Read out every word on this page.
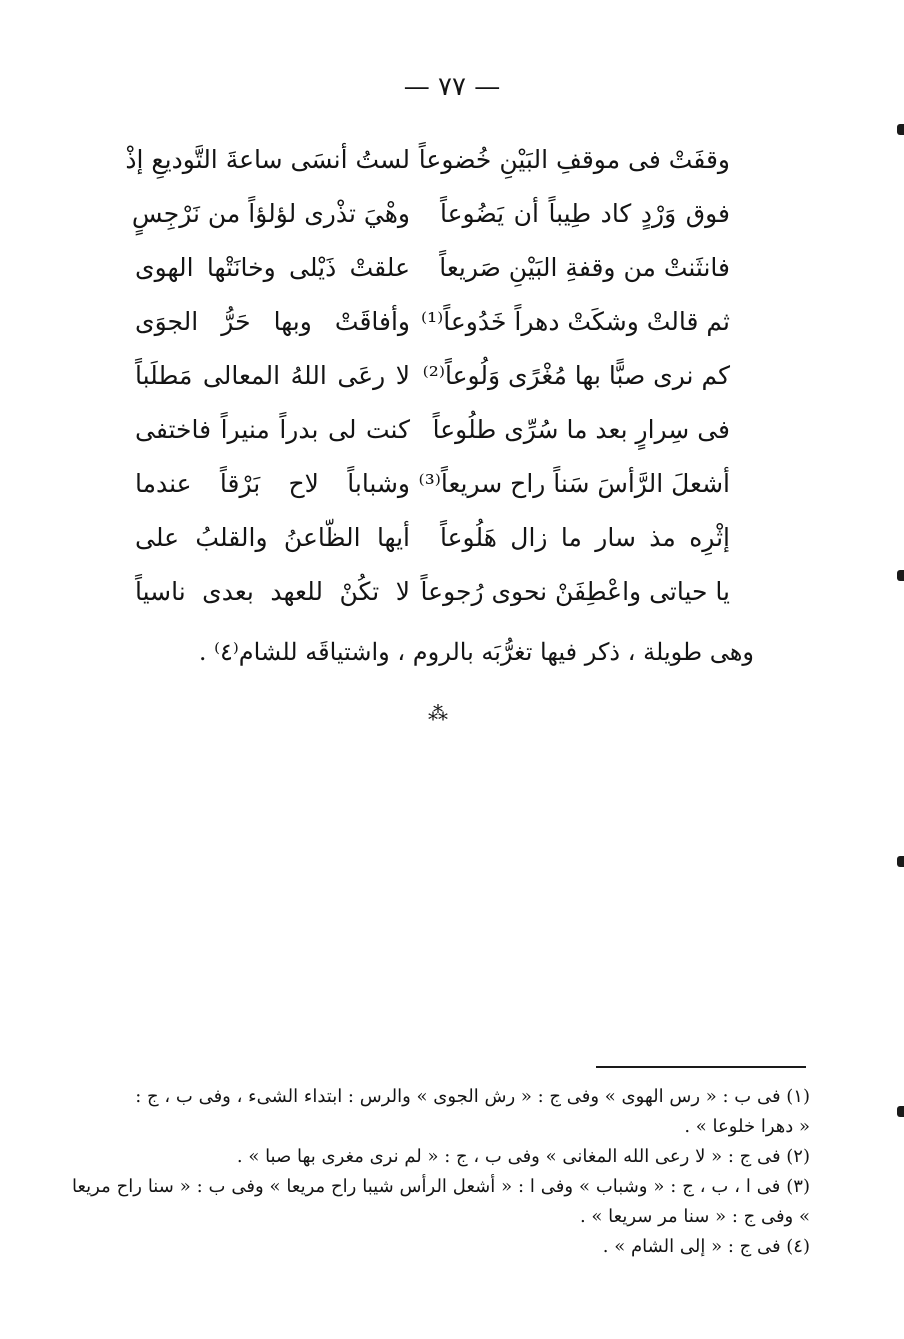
— ٧٧ —
لستُ أنسَى ساعةَ التَّوديعِ إذْ وقفَتْ فى موقفِ البَيْنِ خُضوعاً
وهْيَ تذْرى لؤلؤاً من نَرْجِسٍ فوق وَرْدٍ كاد طِيباً أن يَضُوعاً
علقتْ ذَيْلى وخانَتْها الهوى فانثَنتْ من وقفةِ البَيْنِ صَريعاً
وأفاقَتْ وبها حَرُّ الجوَى ثم قالتْ وشكَتْ دهراً خَدُوعاً⁽¹⁾
لا رعَى اللهُ المعالى مَطلَباً كم نرى صبًّا بها مُغْرًى وَلُوعاً⁽²⁾
كنت لى بدراً منيراً فاختفى فى سِرارٍ بعد ما سُرِّى طلُوعاً
وشباباً لاح بَرْقاً عندما أشعلَ الرَّأسَ سَناً راح سريعاً⁽³⁾
أيها الظّاعنُ والقلبُ على إثْرِه مذ سار ما زال هَلُوعاً
لا تكُنْ للعهد بعدى ناسياً يا حياتى واعْطِفَنْ نحوى رُجوعاً
وهى طويلة ، ذكر فيها تغرُّبَه بالروم ، واشتياقَه للشام⁽٤⁾ .
⁂
(١) فى ب : « رس الهوى » وفى ج : « رش الجوى » والرس : ابتداء الشىء ، وفى ب ، ج :
« دهرا خلوعا » .
(٢) فى ج : « لا رعى الله المغانى » وفى ب ، ج : « لم نرى مغرى بها صبا » .
(٣) فى ا ، ب ، ج : « وشباب » وفى ا : « أشعل الرأس شيبا راح مريعا » وفى ب : « سنا راح مريعا » وفى ج : « سنا مر سريعا » .
(٤) فى ج : « إلى الشام » .
